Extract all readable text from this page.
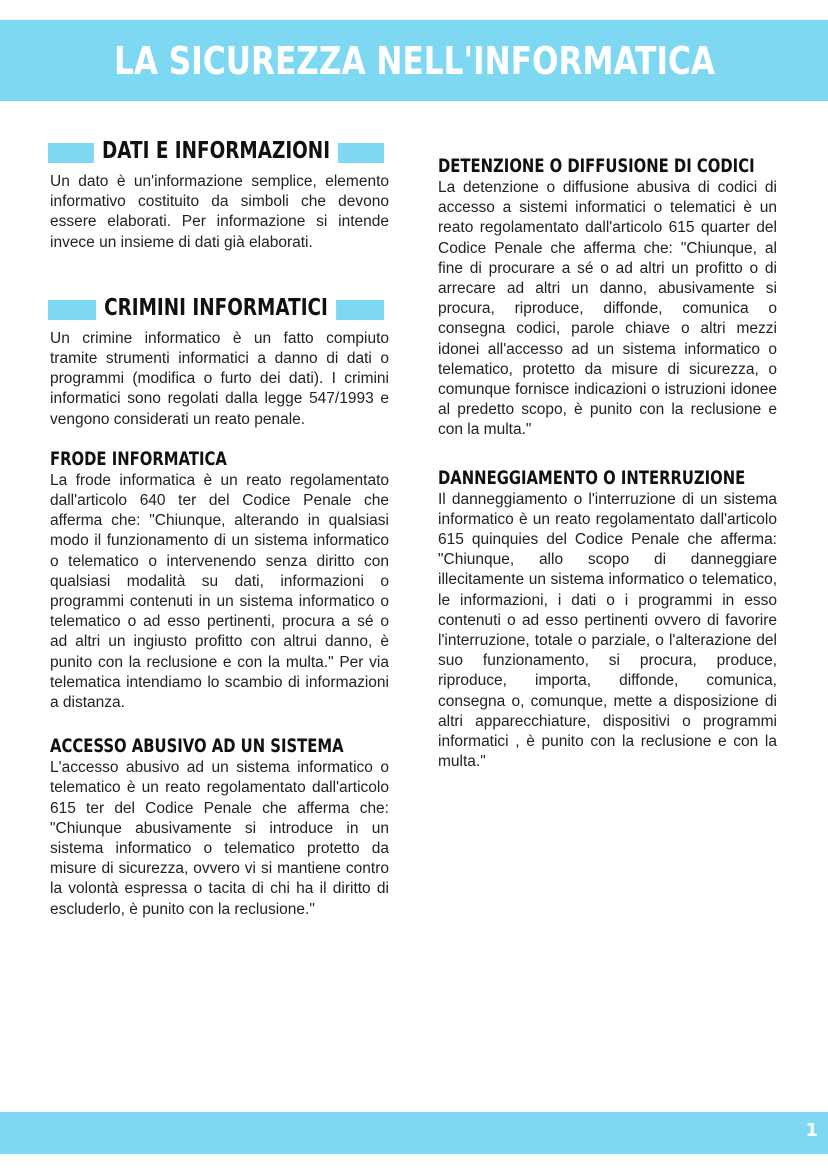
LA SICUREZZA NELL'INFORMATICA
DATI E INFORMAZIONI

Un dato è un'informazione semplice, elemento informativo costituito da simboli che devono essere elaborati. Per informazione si intende invece un insieme di dati già elaborati.

CRIMINI INFORMATICI

Un crimine informatico è un fatto compiuto tramite strumenti informatici a danno di dati o programmi (modifica o furto dei dati). I crimini informatici sono regolati dalla legge 547/1993 e vengono considerati un reato penale.

FRODE INFORMATICA

La frode informatica è un reato regolamentato dall'articolo 640 ter del Codice Penale che afferma che: "Chiunque, alterando in qualsiasi modo il funzionamento di un sistema informatico o telematico o intervenendo senza diritto con qualsiasi modalità su dati, informazioni o programmi contenuti in un sistema informatico o telematico o ad esso pertinenti, procura a sé o ad altri un ingiusto profitto con altrui danno, è punito con la reclusione e con la multa." Per via telematica intendiamo lo scambio di informazioni a distanza.

ACCESSO ABUSIVO AD UN SISTEMA

L'accesso abusivo ad un sistema informatico o telematico è un reato regolamentato dall'articolo 615 ter del Codice Penale che afferma che: "Chiunque abusivamente si introduce in un sistema informatico o telematico protetto da misure di sicurezza, ovvero vi si mantiene contro la volontà espressa o tacita di chi ha il diritto di escluderlo, è punito con la reclusione."

DETENZIONE O DIFFUSIONE DI CODICI

La detenzione o diffusione abusiva di codici di accesso a sistemi informatici o telematici è un reato regolamentato dall'articolo 615 quarter del Codice Penale che afferma che: "Chiunque, al fine di procurare a sé o ad altri un profitto o di arrecare ad altri un danno, abusivamente si procura, riproduce, diffonde, comunica o consegna codici, parole chiave o altri mezzi idonei all'accesso ad un sistema informatico o telematico, protetto da misure di sicurezza, o comunque fornisce indicazioni o istruzioni idonee al predetto scopo, è punito con la reclusione e con la multa."

DANNEGGIAMENTO O INTERRUZIONE

Il danneggiamento o l'interruzione di un sistema informatico è un reato regolamentato dall'articolo 615 quinquies del Codice Penale che afferma: "Chiunque, allo scopo di danneggiare illecitamente un sistema informatico o telematico, le informazioni, i dati o i programmi in esso contenuti o ad esso pertinenti ovvero di favorire l'interruzione, totale o parziale, o l'alterazione del suo funzionamento, si procura, produce, riproduce, importa, diffonde, comunica, consegna o, comunque, mette a disposizione di altri apparecchiature, dispositivi o programmi informatici , è punito con la reclusione e con la multa."

1
